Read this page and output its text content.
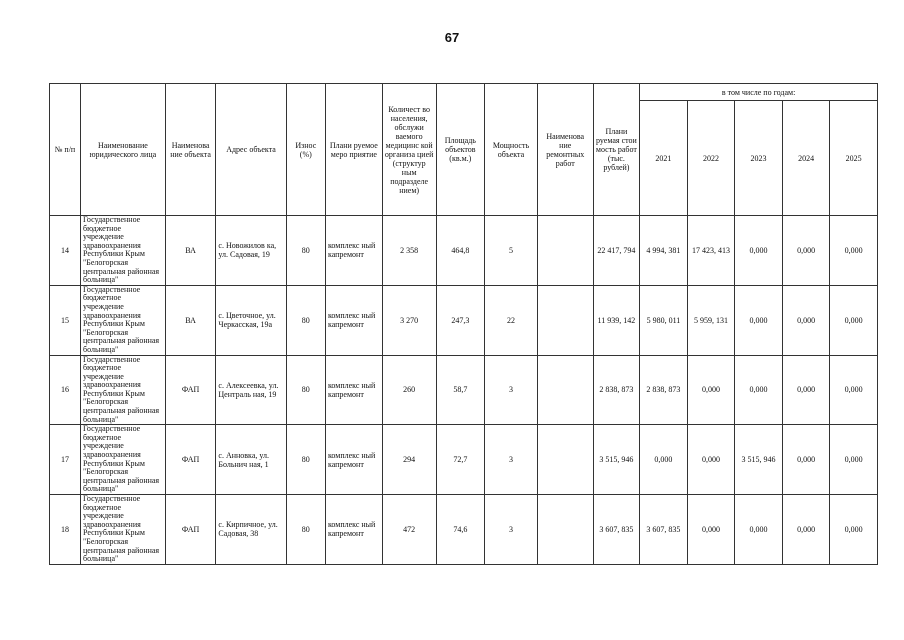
67
№ п/п	Наименование юридического лица	Наименова ние объекта	Адрес объекта	Износ (%)	Плани руемое меро приятие	Количест во населения, обслужи ваемого медицинс кой организа цией (структур ным подразделе нием)	Площадь объектов (кв.м.)	Мощность объекта	Наименова ние ремонтных работ	Плани руемая стои мость работ (тыс. рублей)	в том числе по годам:				
											2021	2022	2023	2024	2025
14	Государственное бюджетное учреждение здравоохранения Республики Крым "Белогорская центральная районная больница"	ВА	с. Новожилов ка, ул. Садовая, 19	80	комплекс ный капремонт	2 358	464,8	5		22 417, 794	4 994, 381	17 423, 413	0,000	0,000	0,000
15	Государственное бюджетное учреждение здравоохранения Республики Крым "Белогорская центральная районная больница"	ВА	с. Цветочное, ул. Черкасская, 19а	80	комплекс ный капремонт	3 270	247,3	22		11 939, 142	5 980, 011	5 959, 131	0,000	0,000	0,000
16	Государственное бюджетное учреждение здравоохранения Республики Крым "Белогорская центральная районная больница"	ФАП	с. Алексеевка, ул. Централь ная, 19	80	комплекс ный капремонт	260	58,7	3		2 838, 873	2 838, 873	0,000	0,000	0,000	0,000
17	Государственное бюджетное учреждение здравоохранения Республики Крым "Белогорская центральная районная больница"	ФАП	с. Анновка, ул. Больнич ная, 1	80	комплекс ный капремонт	294	72,7	3		3 515, 946	0,000	0,000	3 515, 946	0,000	0,000
18	Государственное бюджетное учреждение здравоохранения Республики Крым "Белогорская центральная районная больница"	ФАП	с. Кирпичное, ул. Садовая, 38	80	комплекс ный капремонт	472	74,6	3		3 607, 835	3 607, 835	0,000	0,000	0,000	0,000
